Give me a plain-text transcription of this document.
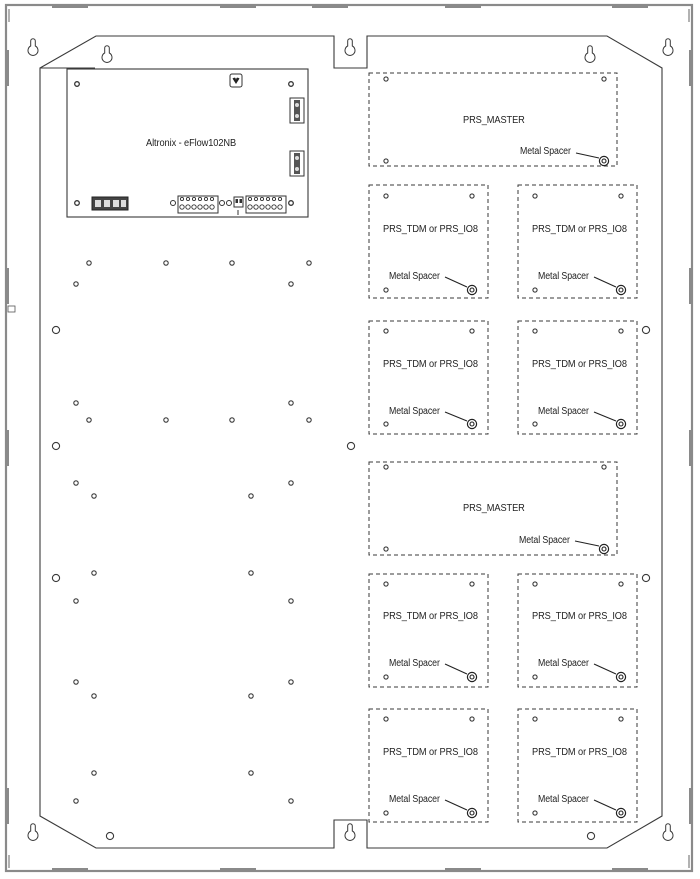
Altronix - eFlow102NB
PRS_MASTER
Metal Spacer
PRS_TDM or PRS_IO8
Metal Spacer
PRS_TDM or PRS_IO8
Metal Spacer
PRS_TDM or PRS_IO8
Metal Spacer
PRS_TDM or PRS_IO8
Metal Spacer
PRS_MASTER
Metal Spacer
PRS_TDM or PRS_IO8
Metal Spacer
PRS_TDM or PRS_IO8
Metal Spacer
PRS_TDM or PRS_IO8
Metal Spacer
PRS_TDM or PRS_IO8
Metal Spacer
